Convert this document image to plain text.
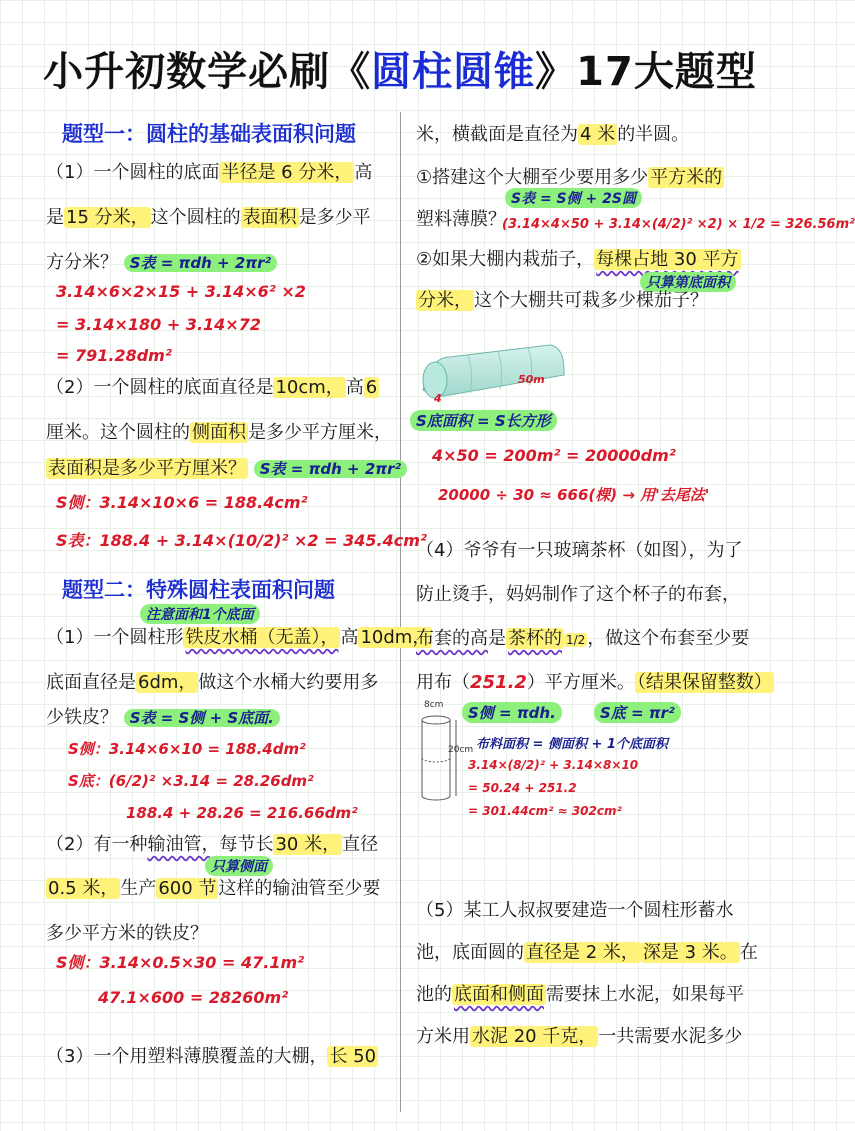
小升初数学必刷《圆柱圆锥》17大题型
题型一：圆柱的基础表面积问题
（1）一个圆柱的底面 半径是 6 分米， 高
是 15 分米， 这个圆柱的 表面积 是多少平
方分米？ S表 = πdh + 2πr²
3.14×6×2×15 + 3.14×6² ×2
= 3.14×180 + 3.14×72
= 791.28dm²
（2）一个圆柱的底面直径是 10cm， 高 6
厘米。这个圆柱的 侧面积 是多少平方厘米，
表面积是多少平方厘米？ S表 = πdh + 2πr²
S侧：3.14×10×6 = 188.4cm²
S表：188.4 + 3.14×(10/2)² ×2 = 345.4cm²
题型二：特殊圆柱表面积问题
注意面和1个底面
（1）一个圆柱形 铁皮水桶（无盖）， 高 10dm，
底面直径是 6dm， 做这个水桶大约要用多
少铁皮？ S表 = S侧 + S底面.
S侧：3.14×6×10 = 188.4dm²
S底：(6/2)² ×3.14 = 28.26dm²
188.4 + 28.26 = 216.66dm²
（2）有一种输油管，每节长 30 米， 直径
只算侧面
0.5 米， 生产 600 节 这样的输油管至少要
多少平方米的铁皮？
S侧：3.14×0.5×30 = 47.1m²
47.1×600 = 28260m²
（3）一个用塑料薄膜覆盖的大棚， 长 50
米，横截面是直径为 4 米 的半圆。
①搭建这个大棚至少要用多少 平方米的
塑料薄膜？
S表 = S侧 + 2S圆
(3.14×4×50 + 3.14×(4/2)² ×2) × 1/2 = 326.56m²
②如果大棚内栽茄子， 每棵占地 30 平方
只算第底面积
分米， 这个大棚共可栽多少棵茄子？
50m
4
S底面积 = S长方形
4×50 = 200m² = 20000dm²
20000 ÷ 30 ≈ 666(棵) → 用'去尾法'
（4）爷爷有一只玻璃茶杯（如图），为了
防止烫手，妈妈制作了这个杯子的布套，
布套的高是 茶杯的 1/2 ，做这个布套至少要
用布（251.2）平方厘米。 （结果保留整数）
8cm
20cm
S侧 = πdh.	S底 = πr²
布料面积 = 侧面积 + 1个底面积
3.14×(8/2)² + 3.14×8×10
= 50.24 + 251.2
= 301.44cm² ≈ 302cm²
（5）某工人叔叔要建造一个圆柱形蓄水
池，底面圆的 直径是 2 米， 深是 3 米。 在
池的 底面和侧面 需要抹上水泥，如果每平
方米用 水泥 20 千克， 一共需要水泥多少
